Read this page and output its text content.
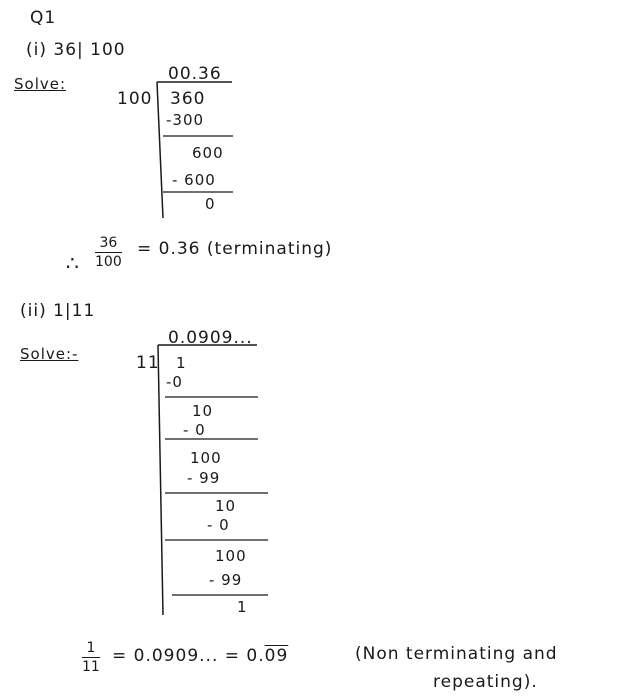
Q1
(i) 36| 100
Solve:
100
00.36
360
-300
600
- 600
0
∴ $\frac{36}{100} = 0.36$ (terminating)
(ii) 1|11
Solve:-	11
0.0909...
1
-0
10
- 0
100
- 99
10
- 0
100
- 99
1
$\frac{1}{11} = 0.0909$... = 0.09	(Non terminating and
repeating).
